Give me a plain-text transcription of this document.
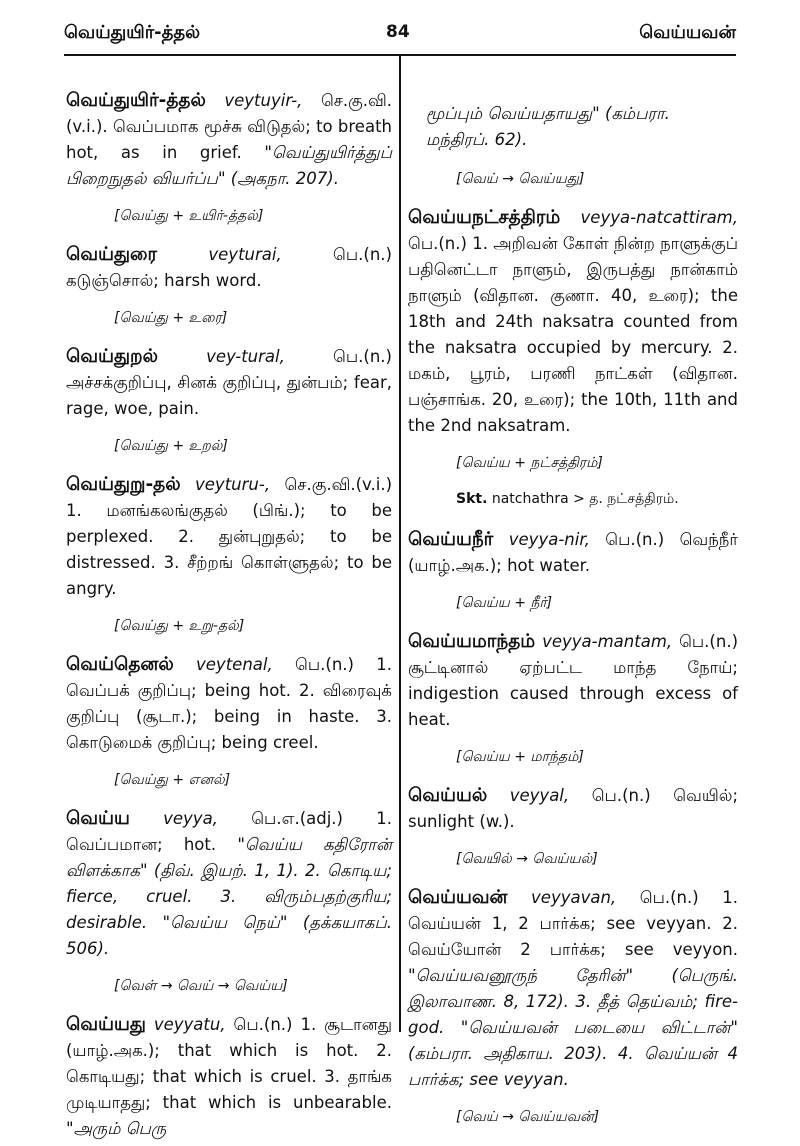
வெய்துயிர்-த்தல்	84	வெய்யவன்

வெய்துயிர்-த்தல் veytuyir-, செ.கு.வி.(v.i.). வெப்பமாக மூச்சு விடுதல்; to breath hot, as in grief. "வெய்துயிர்த்துப் பிறைநுதல் வியர்ப்ப" (அகநா. 207).

[வெய்து + உயிர்-த்தல்]

வெய்துரை	veyturai,	பெ.(n.) கடுஞ்சொல்; harsh word.

[வெய்து + உரை]

வெய்துறல்	vey-tural,	பெ.(n.) அச்சக்குறிப்பு, சினக் குறிப்பு, துன்பம்; fear, rage, woe, pain.

[வெய்து + உறல்]

வெய்துறு-தல் veyturu-, செ.கு.வி.(v.i.) 1. மனங்கலங்குதல் (பிங்.); to be perplexed. 2. துன்புறுதல்; to be distressed. 3. சீற்றங் கொள்ளுதல்; to be angry.

[வெய்து + உறு-தல்]

வெய்தெனல் veytenal, பெ.(n.) 1. வெப்பக் குறிப்பு; being hot. 2. விரைவுக் குறிப்பு (சூடா.); being in haste. 3. கொடுமைக் குறிப்பு; being creel.

[வெய்து + எனல்]

வெய்ய veyya, பெ.எ.(adj.) 1. வெப்பமான; hot. "வெய்ய கதிரோன் விளக்காக" (திவ். இயற். 1, 1). 2. கொடிய; fierce, cruel. 3. விரும்பதற்குரிய; desirable. "வெய்ய நெய்" (தக்கயாகப். 506).

[வெள் → வெய் → வெய்ய]

வெய்யது veyyatu, பெ.(n.) 1. சூடானது (யாழ்.அக.); that which is hot. 2. கொடியது; that which is cruel. 3. தாங்க முடியாதது; that which is unbearable. "அரும் பெரு

மூப்பும் வெய்யதாயது" (கம்பரா. மந்திரப். 62).

[வெய் → வெய்யது]

வெய்யநட்சத்திரம் veyya-natcattiram, பெ.(n.) 1. அறிவன் கோள் நின்ற நாளுக்குப் பதினெட்டா நாளும், இருபத்து நான்காம் நாளும் (விதான. குணா. 40, உரை); the 18th and 24th naksatra counted from the naksatra occupied by mercury. 2. மகம், பூரம், பரணி நாட்கள் (விதான. பஞ்சாங்க. 20, உரை); the 10th, 11th and the 2nd naksatram.

[வெய்ய + நட்சத்திரம்]

Skt. natchathra > த. நட்சத்திரம்.

வெய்யநீர் veyya-nir, பெ.(n.) வெந்நீர் (யாழ்.அக.); hot water.

[வெய்ய + நீர்]

வெய்யமாந்தம் veyya-mantam, பெ.(n.) சூட்டினால் ஏற்பட்ட மாந்த நோய்; indigestion caused through excess of heat.

[வெய்ய + மாந்தம்]

வெய்யல் veyyal, பெ.(n.) வெயில்; sunlight (w.).

[வெயில் → வெய்யல்]

வெய்யவன் veyyavan, பெ.(n.) 1. வெய்யன் 1, 2 பார்க்க; see veyyan. 2. வெய்யோன் 2 பார்க்க; see veyyon. "வெய்யவனூருந் தேரின்" (பெருங். இலாவாண. 8, 172). 3. தீத் தெய்வம்; fire-god. "வெய்யவன் படையை விட்டான்" (கம்பரா. அதிகாய. 203). 4. வெய்யன் 4 பார்க்க; see veyyan.

[வெய் → வெய்யவன்]
